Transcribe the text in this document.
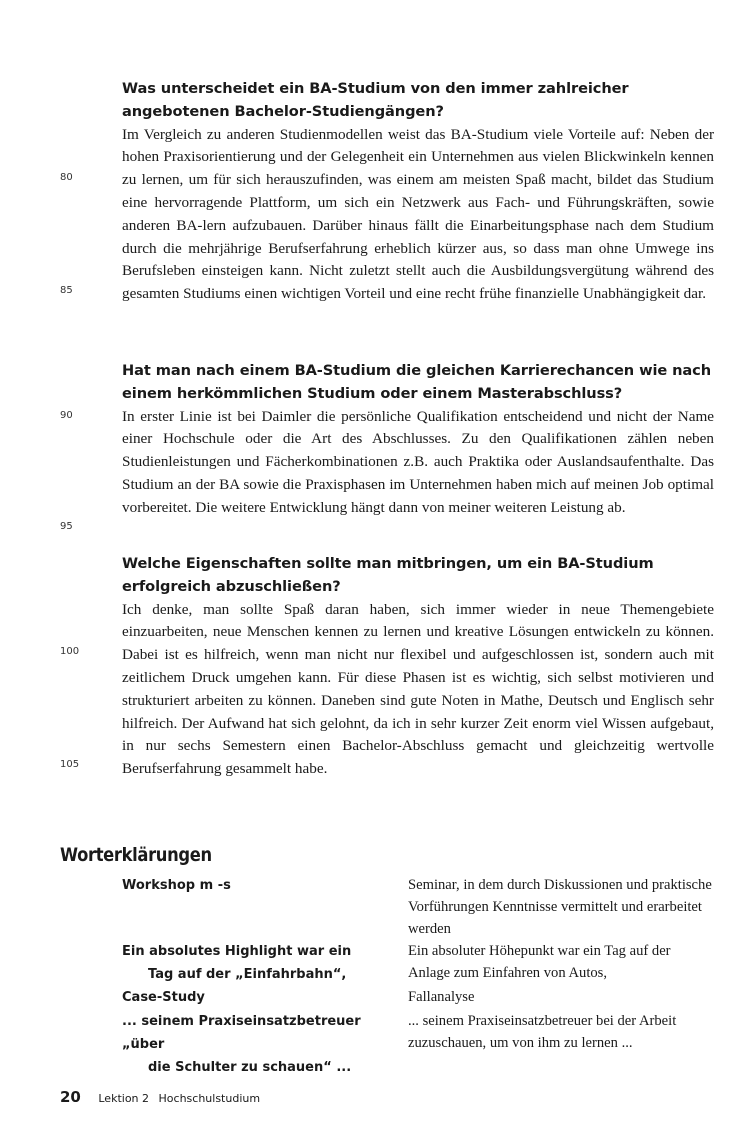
Was unterscheidet ein BA-Studium von den immer zahlreicher angebotenen Bachelor-Studiengängen?

Im Vergleich zu anderen Studienmodellen weist das BA-Studium viele Vorteile auf: Neben der hohen Praxisorientierung und der Gelegenheit ein Unternehmen aus vielen Blickwinkeln kennen zu lernen, um für sich herauszufinden, was einem am meisten Spaß macht, bildet das Studium eine hervorragende Plattform, um sich ein Netzwerk aus Fach- und Führungskräften, sowie anderen BA-lern aufzubauen. Darüber hinaus fällt die Einarbeitungsphase nach dem Studium durch die mehrjährige Berufserfahrung erheblich kürzer aus, so dass man ohne Umwege ins Berufsleben einsteigen kann. Nicht zuletzt stellt auch die Ausbildungsvergütung während des gesamten Studiums einen wichtigen Vorteil und eine recht frühe finanzielle Unabhängigkeit dar.

Hat man nach einem BA-Studium die gleichen Karrierechancen wie nach einem herkömmlichen Studium oder einem Masterabschluss?

In erster Linie ist bei Daimler die persönliche Qualifikation entscheidend und nicht der Name einer Hochschule oder die Art des Abschlusses. Zu den Qualifikationen zählen neben Studienleistungen und Fächerkombinationen z.B. auch Praktika oder Auslandsaufenthalte. Das Studium an der BA sowie die Praxisphasen im Unternehmen haben mich auf meinen Job optimal vorbereitet. Die weitere Entwicklung hängt dann von meiner weiteren Leistung ab.

Welche Eigenschaften sollte man mitbringen, um ein BA-Studium erfolgreich abzuschließen?

Ich denke, man sollte Spaß daran haben, sich immer wieder in neue Themengebiete einzuarbeiten, neue Menschen kennen zu lernen und kreative Lösungen entwickeln zu können. Dabei ist es hilfreich, wenn man nicht nur flexibel und aufgeschlossen ist, sondern auch mit zeitlichem Druck umgehen kann. Für diese Phasen ist es wichtig, sich selbst motivieren und strukturiert arbeiten zu können. Daneben sind gute Noten in Mathe, Deutsch und Englisch sehr hilfreich. Der Aufwand hat sich gelohnt, da ich in sehr kurzer Zeit enorm viel Wissen aufgebaut, in nur sechs Semestern einen Bachelor-Abschluss gemacht und gleichzeitig wertvolle Berufserfahrung gesammelt habe.

80
85
90
95
100
105
Worterklärungen
Workshop m -s	Seminar, in dem durch Diskussionen und praktische Vorführungen Kenntnisse vermittelt und erarbeitet werden
Ein absolutes Highlight war ein
Tag auf der „Einfahrbahn“,
Ein absoluter Höhepunkt war ein Tag auf der Anlage zum Einfahren von Autos,
Case-Study	Fallanalyse
... seinem Praxiseinsatzbetreuer „über
die Schulter zu schauen“ ...
... seinem Praxiseinsatzbetreuer bei der Arbeit zuzuschauen, um von ihm zu lernen ...
20 Lektion 2 Hochschulstudium
